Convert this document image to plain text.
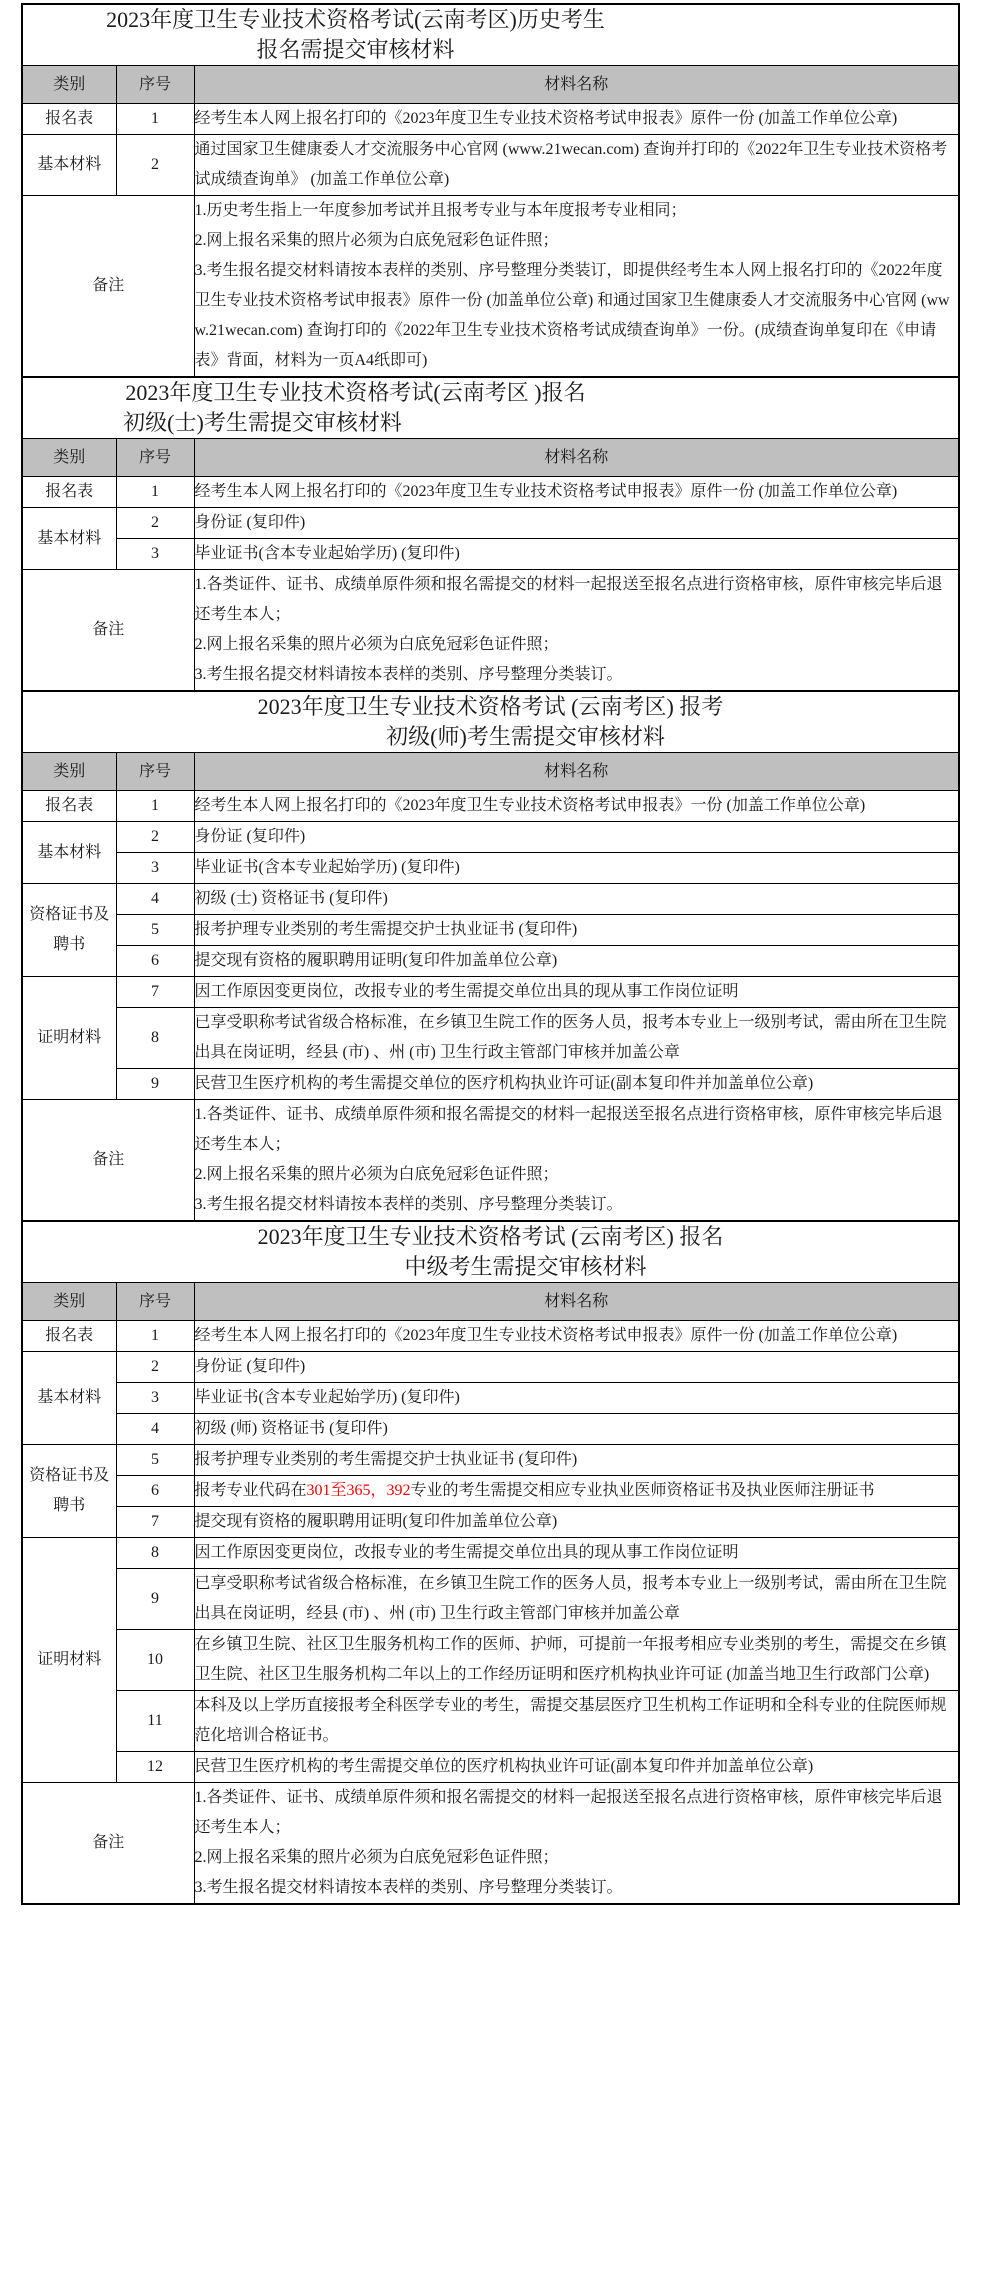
2023年度卫生专业技术资格考试(云南考区)历史考生
报名需提交审核材料		

类别	序号	材料名称
报名表	1	经考生本人网上报名打印的《2023年度卫生专业技术资格考试申报表》原件一份 (加盖工作单位公章)
基本材料	2	通过国家卫生健康委人才交流服务中心官网 (www.21wecan.com) 查询并打印的《2022年卫生专业技术资格考试成绩查询单》 (加盖工作单位公章)
备注		1.历史考生指上一年度参加考试并且报考专业与本年度报考专业相同；

2.网上报名采集的照片必须为白底免冠彩色证件照；

3.考生报名提交材料请按本表样的类别、序号整理分类装订，即提供经考生本人网上报名打印的《2022年度卫生专业技术资格考试申报表》原件一份 (加盖单位公章) 和通过国家卫生健康委人才交流服务中心官网 (www.21wecan.com) 查询打印的《2022年卫生专业技术资格考试成绩查询单》一份。(成绩查询单复印在《申请表》背面，材料为一页A4纸即可)

2023年度卫生专业技术资格考试(云南考区 )报名
初级(士)考生需提交审核材料		

类别	序号	材料名称
报名表	1	经考生本人网上报名打印的《2023年度卫生专业技术资格考试申报表》原件一份 (加盖工作单位公章)
基本材料	2	身份证 (复印件)
	3	毕业证书(含本专业起始学历) (复印件)
备注		1.各类证件、证书、成绩单原件须和报名需提交的材料一起报送至报名点进行资格审核，原件审核完毕后退还考生本人；

2.网上报名采集的照片必须为白底免冠彩色证件照；

3.考生报名提交材料请按本表样的类别、序号整理分类装订。

2023年度卫生专业技术资格考试 (云南考区) 报考
初级(师)考生需提交审核材料		

类别	序号	材料名称
报名表	1	经考生本人网上报名打印的《2023年度卫生专业技术资格考试申报表》一份 (加盖工作单位公章)
基本材料	2	身份证 (复印件)
	3	毕业证书(含本专业起始学历) (复印件)
资格证书及聘书	4	初级 (士) 资格证书 (复印件)
	5	报考护理专业类别的考生需提交护士执业证书 (复印件)
	6	提交现有资格的履职聘用证明(复印件加盖单位公章)
证明材料	7	因工作原因变更岗位，改报专业的考生需提交单位出具的现从事工作岗位证明
	8	已享受职称考试省级合格标准，在乡镇卫生院工作的医务人员，报考本专业上一级别考试，需由所在卫生院出具在岗证明，经县 (市) 、州 (市) 卫生行政主管部门审核并加盖公章
	9	民营卫生医疗机构的考生需提交单位的医疗机构执业许可证(副本复印件并加盖单位公章)
备注		1.各类证件、证书、成绩单原件须和报名需提交的材料一起报送至报名点进行资格审核，原件审核完毕后退还考生本人；

2.网上报名采集的照片必须为白底免冠彩色证件照；

3.考生报名提交材料请按本表样的类别、序号整理分类装订。

2023年度卫生专业技术资格考试 (云南考区) 报名
中级考生需提交审核材料		

类别	序号	材料名称
报名表	1	经考生本人网上报名打印的《2023年度卫生专业技术资格考试申报表》原件一份 (加盖工作单位公章)
基本材料	2	身份证 (复印件)
	3	毕业证书(含本专业起始学历) (复印件)
	4	初级 (师) 资格证书 (复印件)
资格证书及聘书	5	报考护理专业类别的考生需提交护士执业证书 (复印件)
	6	报考专业代码在301至365，392专业的考生需提交相应专业执业医师资格证书及执业医师注册证书
	7	提交现有资格的履职聘用证明(复印件加盖单位公章)
证明材料	8	因工作原因变更岗位，改报专业的考生需提交单位出具的现从事工作岗位证明
	9	已享受职称考试省级合格标准，在乡镇卫生院工作的医务人员，报考本专业上一级别考试，需由所在卫生院出具在岗证明，经县 (市) 、州 (市) 卫生行政主管部门审核并加盖公章
	10	在乡镇卫生院、社区卫生服务机构工作的医师、护师，可提前一年报考相应专业类别的考生，需提交在乡镇卫生院、社区卫生服务机构二年以上的工作经历证明和医疗机构执业许可证 (加盖当地卫生行政部门公章)
	11	本科及以上学历直接报考全科医学专业的考生，需提交基层医疗卫生机构工作证明和全科专业的住院医师规范化培训合格证书。
	12	民营卫生医疗机构的考生需提交单位的医疗机构执业许可证(副本复印件并加盖单位公章)
备注		1.各类证件、证书、成绩单原件须和报名需提交的材料一起报送至报名点进行资格审核，原件审核完毕后退还考生本人；

2.网上报名采集的照片必须为白底免冠彩色证件照；

3.考生报名提交材料请按本表样的类别、序号整理分类装订。
